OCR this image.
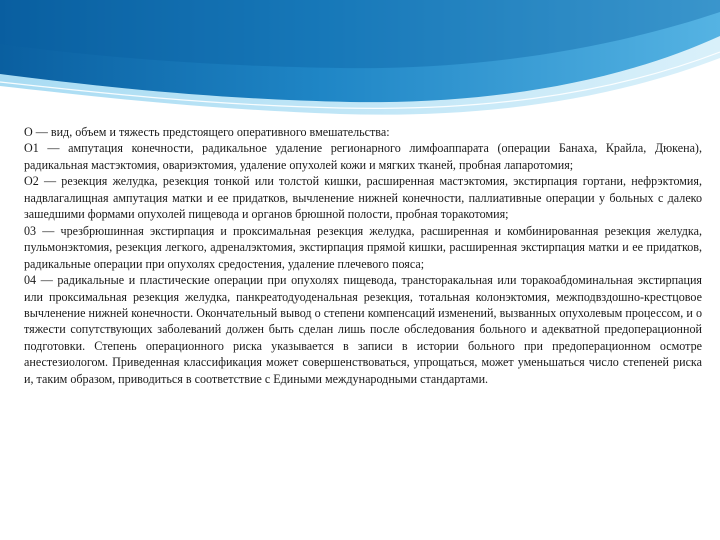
О — вид, объем и тяжесть предстоящего оперативного вмешательства:

О1 — ампутация конечности, радикальное удаление регионарного лимфоаппарата (операции Банаха, Крайла, Дюкена), радикальная мастэктомия, овариэктомия, удаление опухолей кожи и мягких тканей, пробная лапаротомия;

О2 — резекция желудка, резекция тонкой или толстой кишки, расширенная мастэктомия, экстирпация гортани, нефрэктомия, надвлагалищная ампутация матки и ее придатков, вычленение нижней конечности, паллиативные операции у больных с далеко зашедшими формами опухолей пищевода и органов брюшной полости, пробная торакотомия;

03 — чрезбрюшинная экстирпация и проксимальная резекция желудка, расширенная и комбинированная резекция желудка, пульмонэктомия, резекция легкого, адреналэктомия, экстирпация прямой кишки, расширенная экстирпация матки и ее придатков, радикальные операции при опухолях средостения, удаление плечевого пояса;

04 — радикальные и пластические операции при опухолях пищевода, трансторакальная или торакоабдоминальная экстирпация или проксимальная резекция желудка, панкреатодуоденальная резекция, тотальная колонэктомия, межподвздошно-крестцовое вычленение нижней конечности. Окончательный вывод о степени компенсаций изменений, вызванных опухолевым процессом, и о тяжести сопутствующих заболеваний должен быть сделан лишь после обследования больного и адекватной предоперационной подготовки. Степень операционного риска указывается в записи в истории больного при предоперационном осмотре анестезиологом. Приведенная классификация может совершенствоваться, упрощаться, может уменьшаться число степеней риска и, таким образом, приводиться в соответствие с Едиными международными стандартами.
